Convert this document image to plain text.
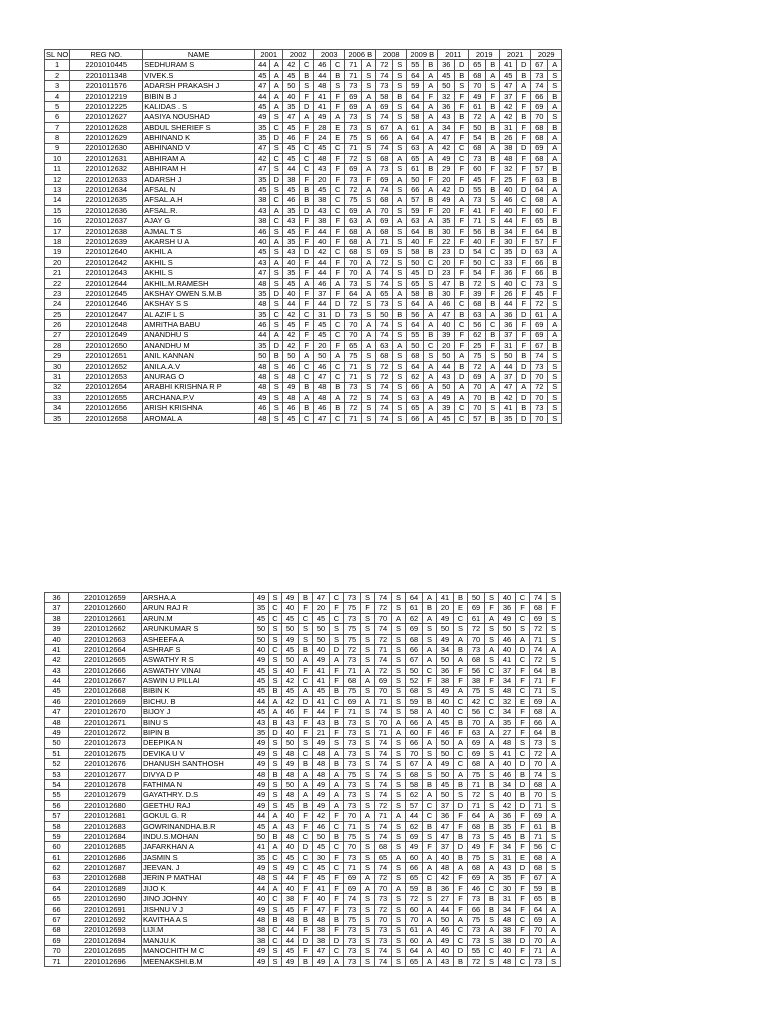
SL NO	REG NO.	NAME	2001		2002		2003		2006 B		2008		2009 B		2011		2019		2021		2029	
1	2201010445	SEDHURAM S	44	A	42	C	46	C	71	A	72	S	55	B	36	D	65	B	41	D	67	A
2	2201011348	VIVEK.S	45	A	45	B	44	B	71	S	74	S	64	A	45	B	68	A	45	B	73	S
3	2201011576	ADARSH PRAKASH J	47	A	50	S	48	S	73	S	73	S	59	A	50	S	70	S	47	A	74	S
4	2201012219	BIBIN B J	44	A	40	F	41	F	69	A	58	B	64	F	32	F	49	F	37	F	66	B
5	2201012225	KALIDAS . S	45	A	35	D	41	F	69	A	69	S	64	A	36	F	61	B	42	F	69	A
6	2201012627	AASIYA NOUSHAD	49	S	47	A	49	A	73	S	74	S	58	A	43	B	72	A	42	B	70	S
7	2201012628	ABDUL SHERIEF S	35	C	45	F	28	E	73	S	67	A	61	A	34	F	50	B	31	F	68	B
8	2201012629	ABHINAND K	35	D	46	F	24	E	75	S	66	A	64	A	47	F	54	B	26	F	68	A
9	2201012630	ABHINAND V	47	S	45	C	45	C	71	S	74	S	63	A	42	C	68	A	38	D	69	A
10	2201012631	ABHIRAM A	42	C	45	C	48	F	72	S	68	A	65	A	49	C	73	B	48	F	68	A
11	2201012632	ABHIRAM H	47	S	44	C	43	F	69	A	73	S	61	B	29	F	60	F	32	F	57	B
12	2201012633	ADARSH J	35	D	38	F	20	F	73	F	69	A	50	F	20	F	45	F	25	F	63	B
13	2201012634	AFSAL N	45	S	45	B	45	C	72	A	74	S	66	A	42	D	55	B	40	D	64	A
14	2201012635	AFSAL.A.H	38	C	46	B	38	C	75	S	68	A	57	B	49	A	73	S	46	C	68	A
15	2201012636	AFSAL.R.	43	A	35	D	43	C	69	A	70	S	59	F	20	F	41	F	40	F	60	F
16	2201012637	AJAY G	38	C	43	F	38	F	63	A	69	A	63	A	35	F	71	S	44	F	65	B
17	2201012638	AJMAL T S	46	S	45	F	44	F	68	A	68	S	64	B	30	F	56	B	34	F	64	B
18	2201012639	AKARSH U A	40	A	35	F	40	F	68	A	71	S	40	F	22	F	40	F	30	F	57	F
19	2201012640	AKHIL A	45	S	43	D	42	C	68	S	69	S	58	B	23	D	54	C	35	D	63	A
20	2201012642	AKHIL S	43	A	40	F	44	F	70	A	72	S	50	C	20	F	50	C	33	F	66	B
21	2201012643	AKHIL S	47	S	35	F	44	F	70	A	74	S	45	D	23	F	54	F	36	F	66	B
22	2201012644	AKHIL.M.RAMESH	48	S	45	A	46	A	73	S	74	S	65	S	47	B	72	S	40	C	73	S
23	2201012645	AKSHAY OWEN S.M.B	35	D	40	F	37	F	64	A	65	A	58	B	30	F	39	F	26	F	45	F
24	2201012646	AKSHAY S S	48	S	44	F	44	D	72	S	73	S	64	A	46	C	68	B	44	F	72	S
25	2201012647	AL AZIF L S	35	C	42	C	31	D	73	S	50	B	56	A	47	B	63	A	36	D	61	A
26	2201012648	AMRITHA BABU	46	S	45	F	45	C	70	A	74	S	64	A	40	C	56	C	36	F	69	A
27	2201012649	ANANDHU S	44	A	42	F	45	C	70	A	74	S	55	B	39	F	62	B	37	F	69	A
28	2201012650	ANANDHU M	35	D	42	F	20	F	65	A	63	A	50	C	20	F	25	F	31	F	67	B
29	2201012651	ANIL KANNAN	50	B	50	A	50	A	75	S	68	S	68	S	50	A	75	S	50	B	74	S
30	2201012652	ANILA.A.V	48	S	46	C	46	C	71	S	72	S	64	A	44	B	72	A	44	D	73	S
31	2201012653	ANURAG O	48	S	48	C	47	C	71	S	72	S	62	A	43	D	69	A	37	D	70	S
32	2201012654	ARABHI KRISHNA R P	48	S	49	B	48	B	73	S	74	S	66	A	50	A	70	A	47	A	72	S
33	2201012655	ARCHANA.P.V	49	S	48	A	48	A	72	S	74	S	63	A	49	A	70	B	42	D	70	S
34	2201012656	ARISH KRISHNA	46	S	46	B	46	B	72	S	74	S	65	A	39	C	70	S	41	B	73	S
35	2201012658	AROMAL A	48	S	45	C	47	C	71	S	74	S	66	A	45	C	57	B	35	D	70	S
36	2201012659	ARSHA.A	49	S	49	B	47	C	73	S	74	S	64	A	41	B	50	S	40	C	74	S
37	2201012660	ARUN RAJ R	35	C	40	F	20	F	75	F	72	S	61	B	20	E	69	F	36	F	68	F
38	2201012661	ARUN.M	45	C	45	C	45	C	73	S	70	A	62	A	49	C	61	A	49	C	69	S
39	2201012662	ARUNKUMAR S	50	S	50	S	50	S	75	S	74	S	69	S	50	S	72	S	50	S	72	S
40	2201012663	ASHEEFA A	50	S	49	S	50	S	75	S	72	S	68	S	49	A	70	S	46	A	71	S
41	2201012664	ASHRAF S	40	C	45	B	40	D	72	S	71	S	66	A	34	B	73	A	40	D	74	A
42	2201012665	ASWATHY R S	49	S	50	A	49	A	73	S	74	S	67	A	50	A	68	S	41	C	72	S
43	2201012666	ASWATHY VINAI	45	S	40	F	41	F	71	A	72	S	50	C	36	F	56	C	37	F	64	B
44	2201012667	ASWIN U PILLAI	45	S	42	C	41	F	68	A	69	S	52	F	38	F	38	F	34	F	71	F
45	2201012668	BIBIN K	45	B	45	A	45	B	75	S	70	S	68	S	49	A	75	S	48	C	71	S
46	2201012669	BICHU. B	44	A	42	D	41	C	69	A	71	S	59	B	40	C	42	C	32	E	69	A
47	2201012670	BIJOY J	45	A	46	F	44	F	71	S	74	S	58	A	40	C	56	C	34	F	68	A
48	2201012671	BINU S	43	B	43	F	43	B	73	S	70	A	66	A	45	B	70	A	35	F	66	A
49	2201012672	BIPIN B	35	D	40	F	21	F	73	S	71	A	60	F	46	F	63	A	27	F	64	B
50	2201012673	DEEPIKA N	49	S	50	S	49	S	73	S	74	S	66	A	50	A	69	A	48	S	73	S
51	2201012675	DEVIKA U V	49	S	48	C	48	A	73	S	74	S	70	S	50	C	69	S	41	C	72	A
52	2201012676	DHANUSH SANTHOSH	49	S	49	B	48	B	73	S	74	S	67	A	49	C	68	A	40	D	70	A
53	2201012677	DIVYA D P	48	B	48	A	48	A	75	S	74	S	68	S	50	A	75	S	46	B	74	S
54	2201012678	FATHIMA N	49	S	50	A	49	A	73	S	74	S	58	B	45	B	71	B	34	D	68	A
55	2201012679	GAYATHRY. D.S	49	S	48	A	49	A	73	S	74	S	62	A	50	S	72	S	40	B	70	S
56	2201012680	GEETHU RAJ	49	S	45	B	49	A	73	S	72	S	57	C	37	D	71	S	42	D	71	S
57	2201012681	GOKUL G. R	44	A	40	F	42	F	70	A	71	A	44	C	36	F	64	A	36	F	69	A
58	2201012683	GOWRINANDHA.B.R	45	A	43	F	46	C	71	S	74	S	62	B	47	F	68	B	35	F	61	B
59	2201012684	INDU.S.MOHAN	50	B	48	C	50	B	75	S	74	S	69	S	47	B	73	S	45	B	71	S
60	2201012685	JAFARKHAN A	41	A	40	D	45	C	70	S	68	S	49	F	37	D	49	F	34	F	56	C
61	2201012686	JASMIN S	35	C	45	C	30	F	73	S	65	A	60	A	40	B	75	S	31	E	68	A
62	2201012687	JEEVAN. J	49	S	49	C	45	C	71	S	74	S	66	A	48	A	68	A	43	D	68	S
63	2201012688	JERIN P MATHAI	48	S	44	F	45	F	69	A	72	S	65	C	42	F	69	A	35	F	67	A
64	2201012689	JIJO K	44	A	40	F	41	F	69	A	70	A	59	B	36	F	46	C	30	F	59	B
65	2201012690	JINO JOHNY	40	C	38	F	40	F	74	S	73	S	72	S	27	F	73	B	31	F	65	B
66	2201012691	JISHNU V J	49	S	45	F	47	F	73	S	72	S	60	A	44	F	66	B	34	F	64	A
67	2201012692	KAVITHA A S	48	B	48	B	48	B	75	S	70	S	70	A	50	A	75	S	48	C	69	A
68	2201012693	LIJI.M	38	C	44	F	38	F	73	S	73	S	61	A	46	C	73	A	38	F	70	A
69	2201012694	MANJU.K	38	C	44	D	38	D	73	S	73	S	60	A	49	C	73	S	38	D	70	A
70	2201012695	MANOCHITH M C	49	S	45	F	47	C	73	S	74	S	64	A	40	D	55	C	40	F	71	A
71	2201012696	MEENAKSHI.B.M	49	S	49	B	49	A	73	S	74	S	65	A	43	B	72	S	48	C	73	S
